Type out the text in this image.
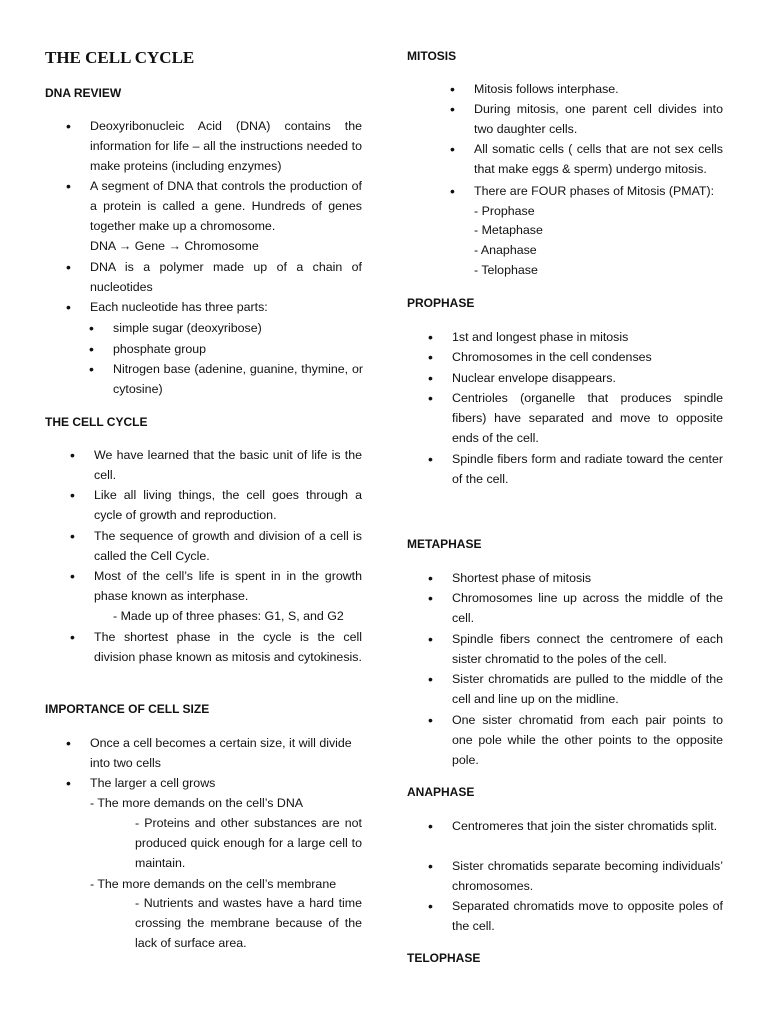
THE CELL CYCLE
DNA REVIEW
• Deoxyribonucleic Acid (DNA) contains the information for life – all the instructions needed to make proteins (including enzymes)
• A segment of DNA that controls the production of a protein is called a gene. Hundreds of genes together make up a chromosome.
DNA → Gene → Chromosome
• DNA is a polymer made up of a chain of nucleotides
• Each nucleotide has three parts:
• simple sugar (deoxyribose)
• phosphate group
• Nitrogen base (adenine, guanine, thymine, or cytosine)
THE CELL CYCLE
• We have learned that the basic unit of life is the cell.
• Like all living things, the cell goes through a cycle of growth and reproduction.
• The sequence of growth and division of a cell is called the Cell Cycle.
• Most of the cell’s life is spent in in the growth phase known as interphase.
- Made up of three phases: G1, S, and G2
• The shortest phase in the cycle is the cell division phase known as mitosis and cytokinesis.
IMPORTANCE OF CELL SIZE
• Once a cell becomes a certain size, it will divide into two cells
• The larger a cell grows
- The more demands on the cell’s DNA
- Proteins and other substances are not produced quick enough for a large cell to maintain.
- The more demands on the cell’s membrane
- Nutrients and wastes have a hard time crossing the membrane because of the lack of surface area.
MITOSIS
• Mitosis follows interphase.
• During mitosis, one parent cell divides into two daughter cells.
• All somatic cells ( cells that are not sex cells that make eggs & sperm) undergo mitosis.
• There are FOUR phases of Mitosis (PMAT):
- Prophase
- Metaphase
- Anaphase
- Telophase
PROPHASE
• 1st and longest phase in mitosis
• Chromosomes in the cell condenses
• Nuclear envelope disappears.
• Centrioles (organelle that produces spindle fibers) have separated and move to opposite ends of the cell.
• Spindle fibers form and radiate toward the center of the cell.
METAPHASE
• Shortest phase of mitosis
• Chromosomes line up across the middle of the cell.
• Spindle fibers connect the centromere of each sister chromatid to the poles of the cell.
• Sister chromatids are pulled to the middle of the cell and line up on the midline.
• One sister chromatid from each pair points to one pole while the other points to the opposite pole.
ANAPHASE
• Centromeres that join the sister chromatids split.
• Sister chromatids separate becoming individuals’ chromosomes.
• Separated chromatids move to opposite poles of the cell.
TELOPHASE
